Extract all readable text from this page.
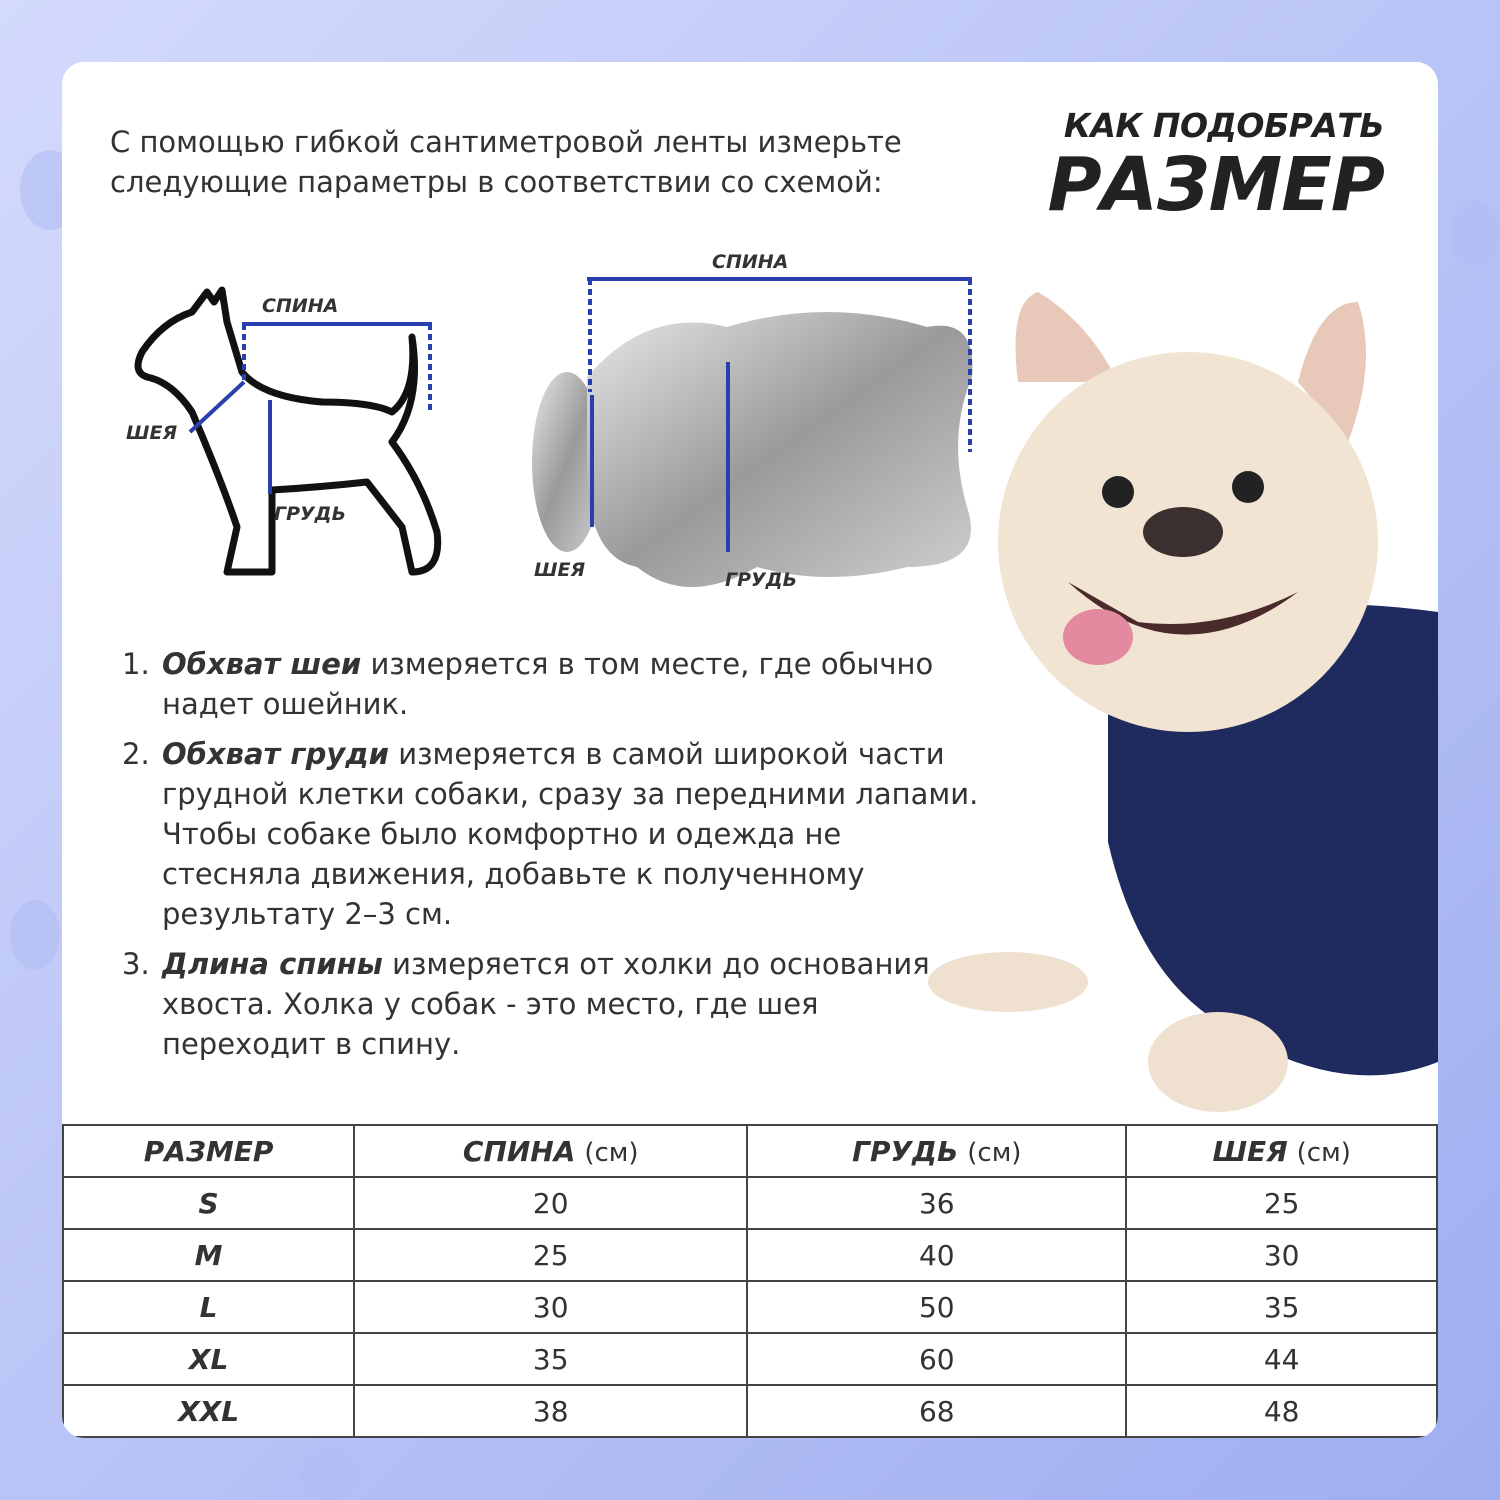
С помощью гибкой сантиметровой ленты измерьте следующие параметры в соответствии со схемой:
КАК ПОДОБРАТЬ
РАЗМЕР
СПИНА
ШЕЯ
ГРУДЬ
СПИНА
ШЕЯ	ГРУДЬ
1. Обхват шеи измеряется в том месте, где обычно надет ошейник.
2. Обхват груди измеряется в самой широкой части грудной клетки собаки, сразу за передними лапами. Чтобы собаке было комфортно и одежда не стесняла движения, добавьте к полученному результату 2–3 см.
3. Длина спины измеряется от холки до основания хвоста. Холка у собак - это место, где шея переходит в спину.
РАЗМЕР	СПИНА (см)	ГРУДЬ (см)	ШЕЯ (см)
S	20	36	25
M	25	40	30
L	30	50	35
XL	35	60	44
XXL	38	68	48
